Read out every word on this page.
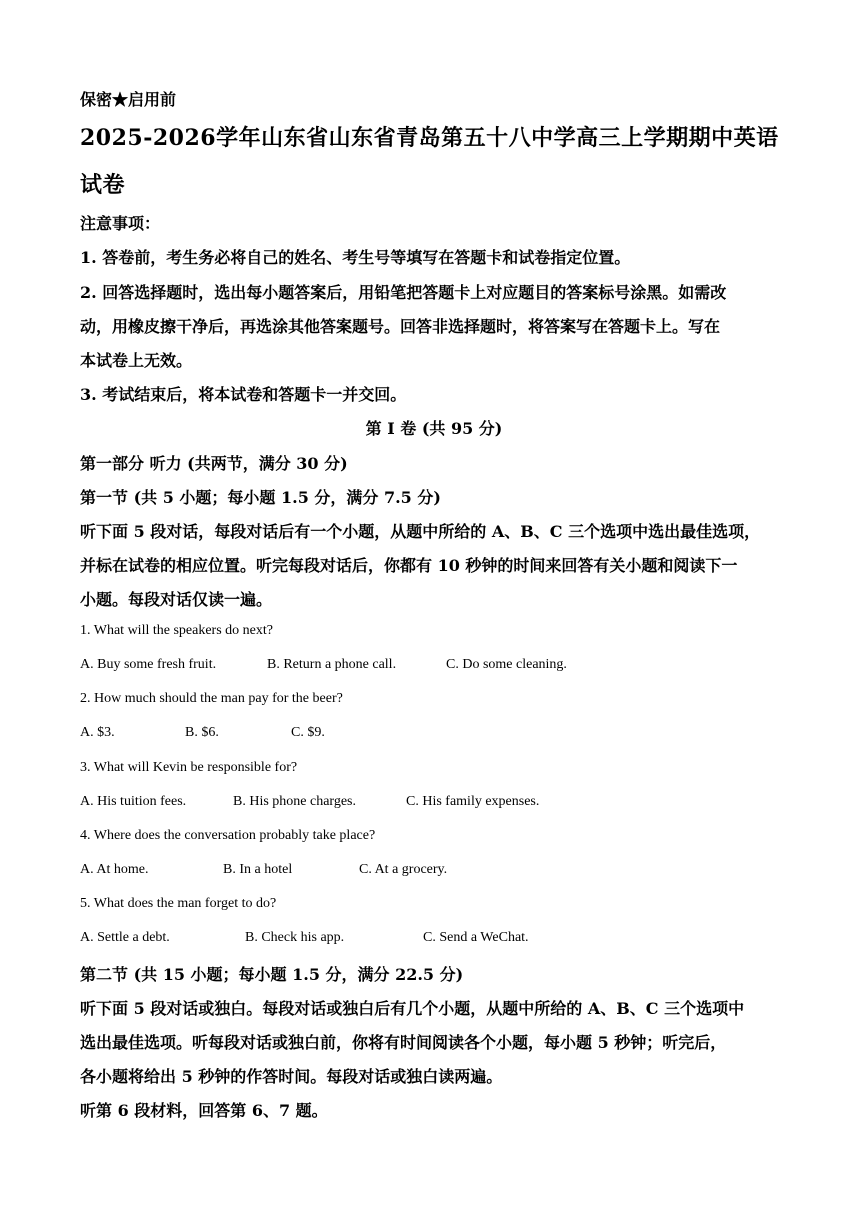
保密★启用前
2025-2026学年山东省山东省青岛第五十八中学高三上学期期中英语
试卷
注意事项：
1. 答卷前，考生务必将自己的姓名、考生号等填写在答题卡和试卷指定位置。
2. 回答选择题时，选出每小题答案后，用铅笔把答题卡上对应题目的答案标号涂黑。如需改
动，用橡皮擦干净后，再选涂其他答案题号。回答非选择题时，将答案写在答题卡上。写在
本试卷上无效。
3. 考试结束后，将本试卷和答题卡一并交回。
第 I 卷 (共 95 分)
第一部分 听力 (共两节，满分 30 分)
第一节 (共 5 小题；每小题 1.5 分，满分 7.5 分)
听下面 5 段对话，每段对话后有一个小题，从题中所给的 A、B、C 三个选项中选出最佳选项，
并标在试卷的相应位置。听完每段对话后，你都有 10 秒钟的时间来回答有关小题和阅读下一
小题。每段对话仅读一遍。
1. What will the speakers do next?
A. Buy some fresh fruit.	B. Return a phone call.	C. Do some cleaning.
2. How much should the man pay for the beer?
A. $3.	B. $6.	C. $9.
3. What will Kevin be responsible for?
A. His tuition fees.	B. His phone charges.	C. His family expenses.
4. Where does the conversation probably take place?
A. At home.	B. In a hotel	C. At a grocery.
5. What does the man forget to do?
A. Settle a debt.	B. Check his app.	C. Send a WeChat.
第二节 (共 15 小题；每小题 1.5 分，满分 22.5 分)
听下面 5 段对话或独白。每段对话或独白后有几个小题，从题中所给的 A、B、C 三个选项中
选出最佳选项。听每段对话或独白前，你将有时间阅读各个小题，每小题 5 秒钟；听完后，
各小题将给出 5 秒钟的作答时间。每段对话或独白读两遍。
听第 6 段材料，回答第 6、7 题。
